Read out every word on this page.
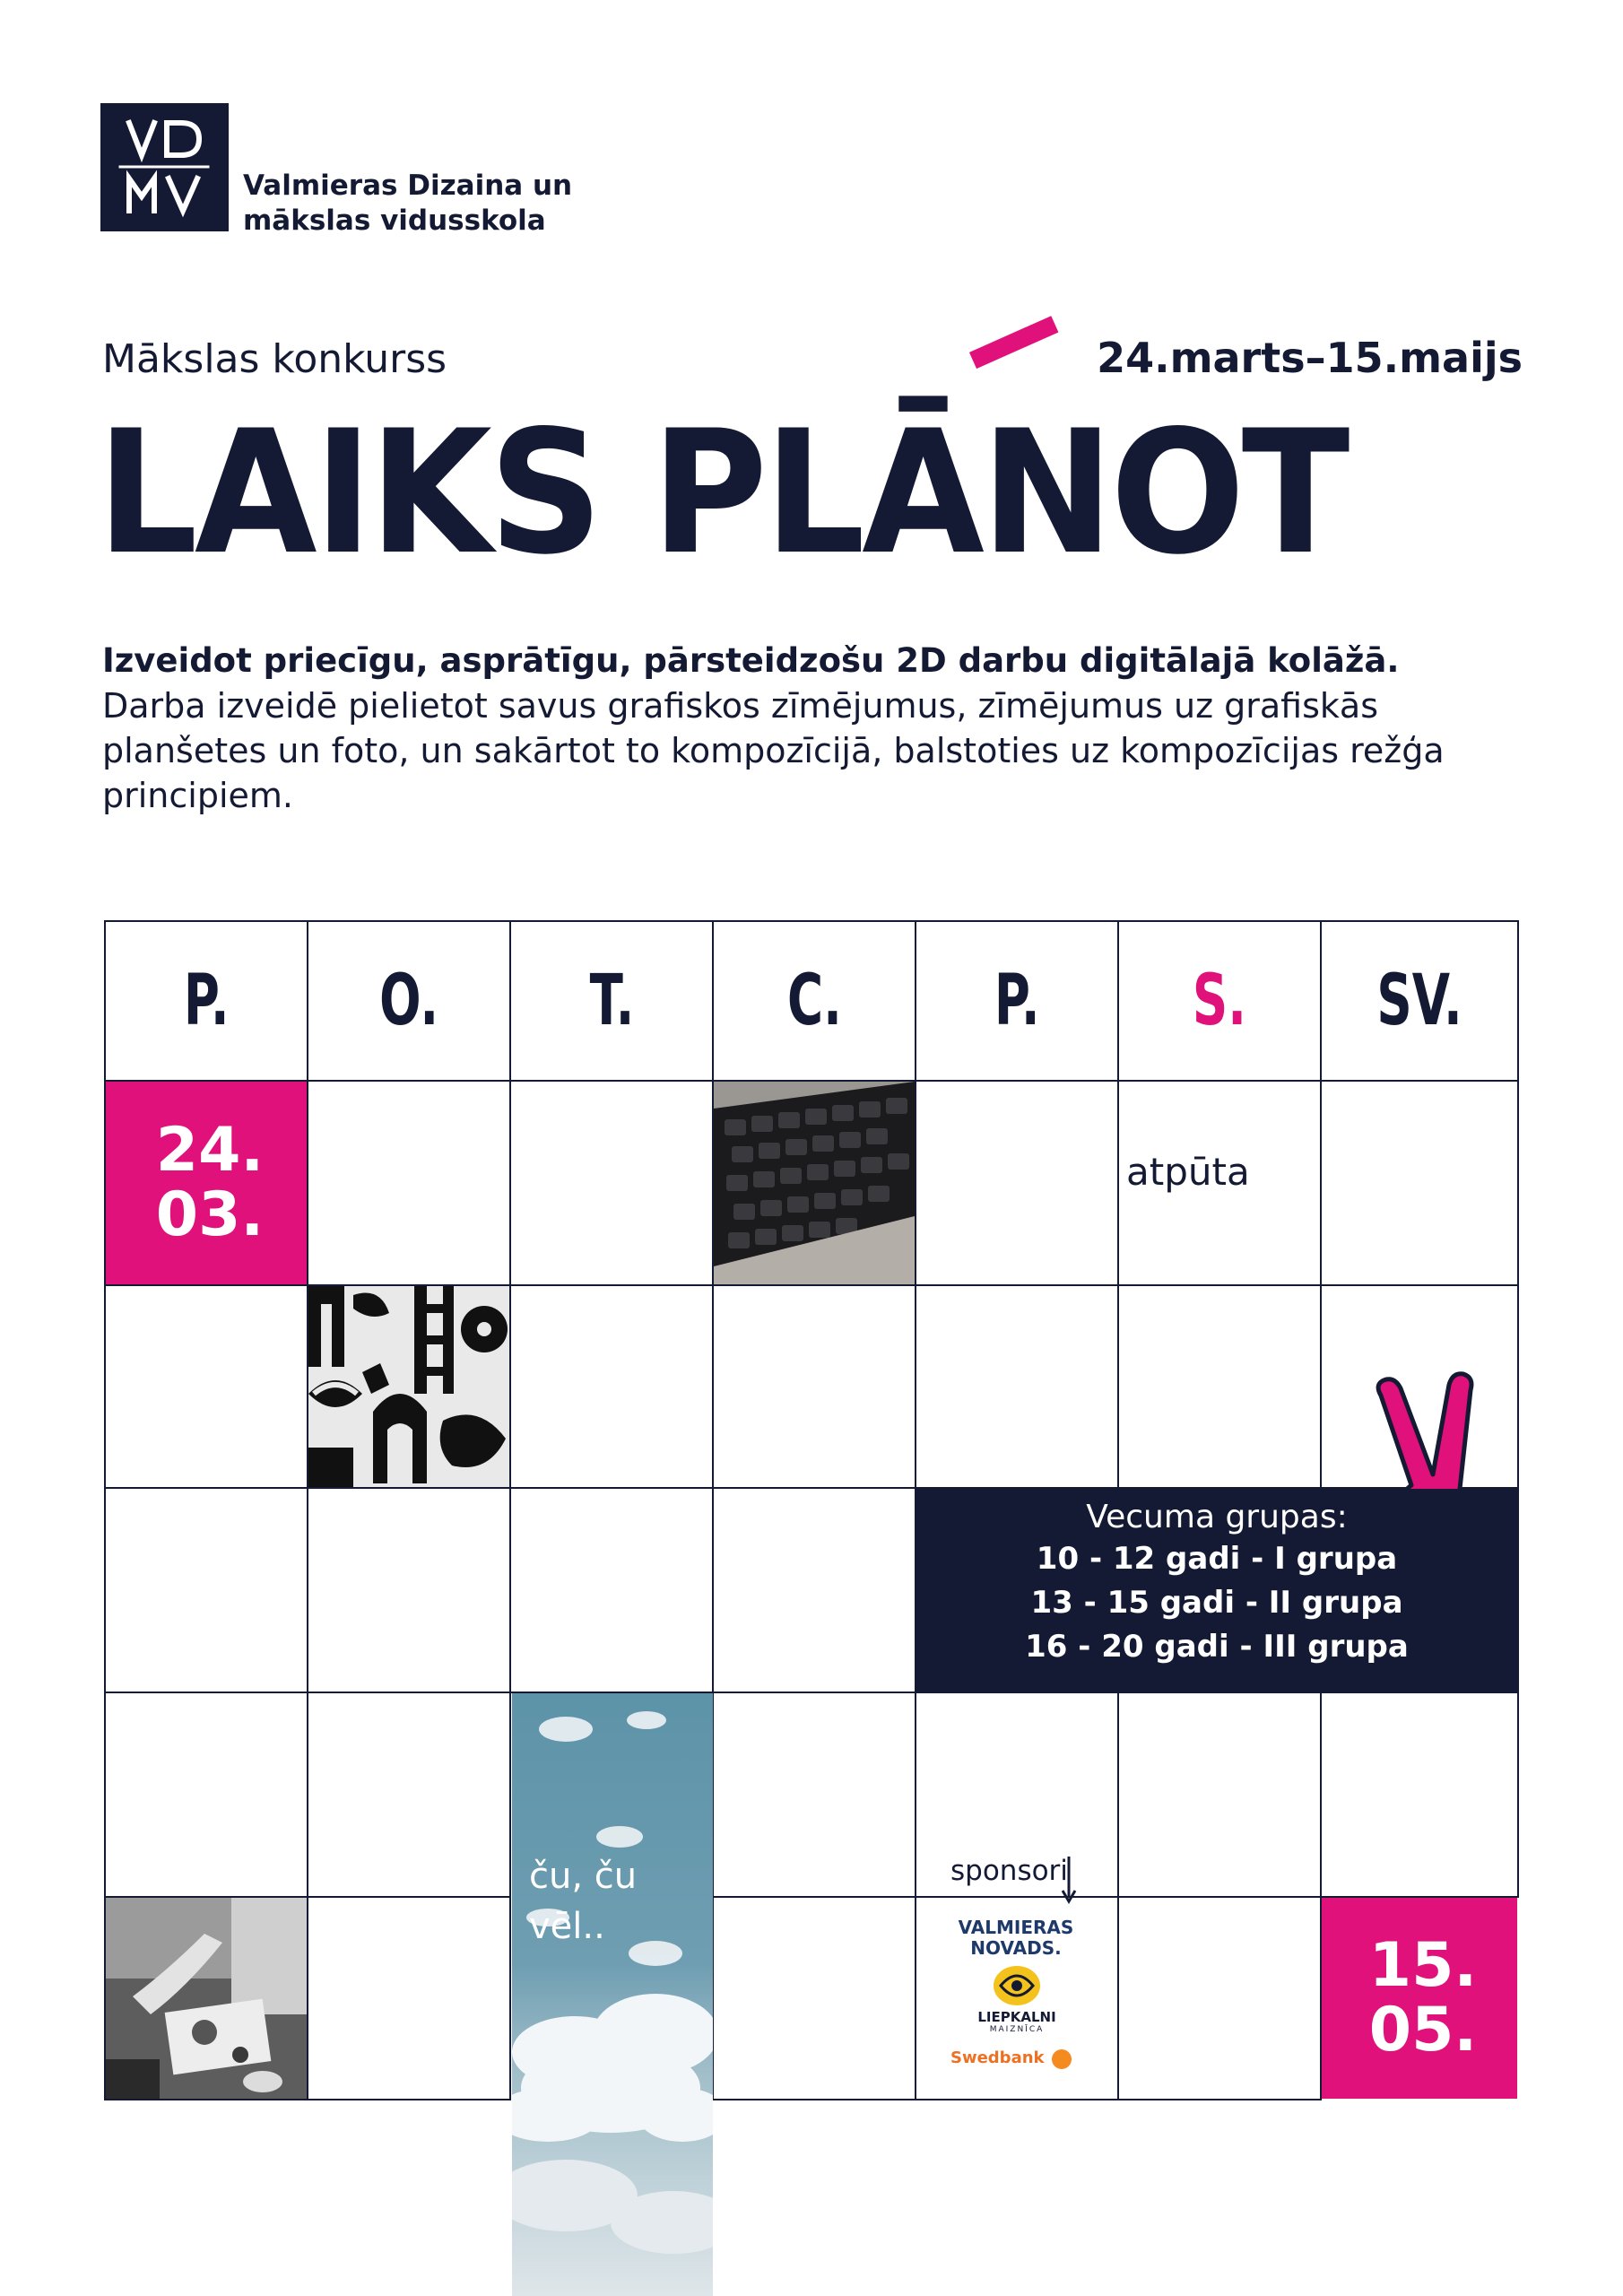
Valmieras Dizaina un
mākslas vidusskola
Mākslas konkurss	24.marts–15.maijs
LAIKS PLĀNOT
Izveidot priecīgu, asprātīgu, pārsteidzošu 2D darbu digitālajā kolāžā.
Darba izveidē pielietot savus grafiskos zīmējumus, zīmējumus uz grafiskās planšetes un foto, un sakārtot to kompozīcijā, balstoties uz kompozīcijas režģa principiem.
P. O. T. C. P. S. SV.
24.
03.
atpūta
Vecuma grupas:
10 - 12 gadi - I grupa
13 - 15 gadi - II grupa
16 - 20 gadi - III grupa
sponsori
VALMIERAS
NOVADS.
LIEPKALNI
MAIZNĪCA
Swedbank
15.
05.
ču, ču
vēl..
